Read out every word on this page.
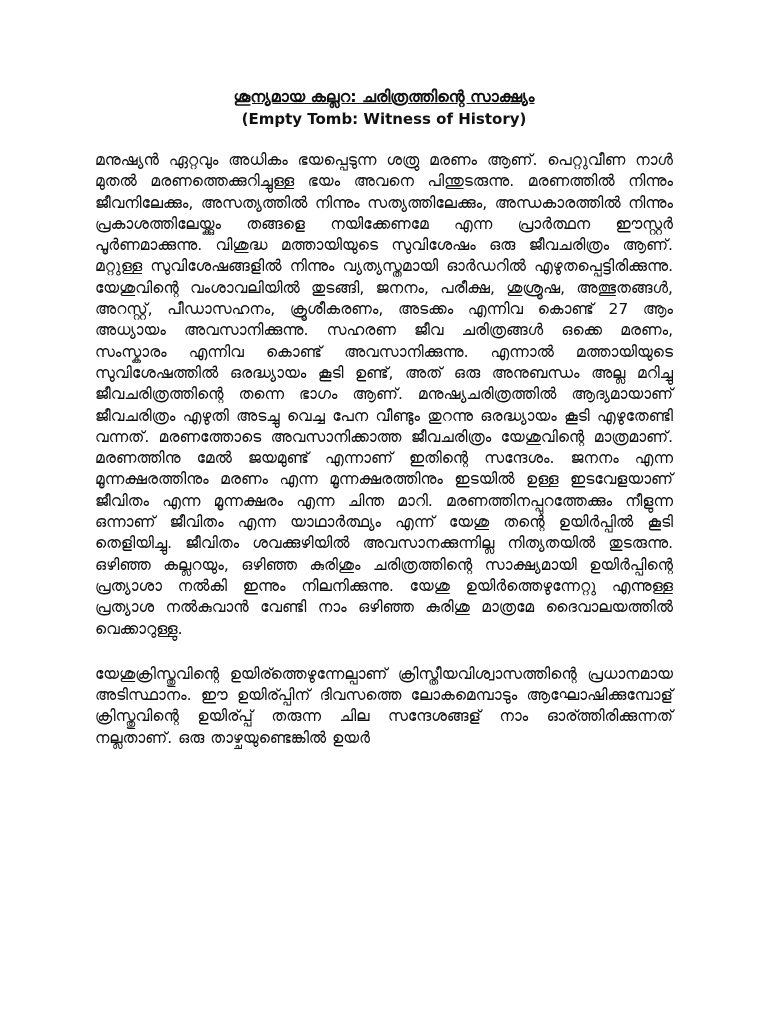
ശൂന്യമായ കല്ലറ: ചരിത്രത്തിന്റെ സാക്ഷ്യം

(Empty Tomb: Witness of History)

മനുഷ്യൻ ഏറ്റവും അധികം ഭയപ്പെടുന്ന ശത്രു മരണം ആണ്. പെറ്റുവീണ നാൾ മുതൽ മരണത്തെക്കുറിച്ചുള്ള ഭയം അവനെ പിന്തുടരുന്നു. മരണത്തിൽ നിന്നും ജീവനിലേക്കും, അസത്യത്തിൽ നിന്നും സത്യത്തിലേക്കും, അന്ധകാരത്തിൽ നിന്നും പ്രകാശത്തിലേയ്ക്കും തങ്ങളെ നയിക്കേണമേ എന്ന പ്രാർത്ഥന ഈസ്റ്റർ പൂർണമാക്കുന്നു. വിശുദ്ധ മത്തായിയുടെ സുവിശേഷം ഒരു ജീവചരിത്രം ആണ്. മറ്റുള്ള സുവിശേഷങ്ങളിൽ നിന്നും വ്യത്യസ്തമായി ഓർഡറിൽ എഴുതപ്പെട്ടിരിക്കുന്നു. യേശുവിന്റെ വംശാവലിയിൽ തുടങ്ങി, ജനനം, പരീക്ഷ, ശുശ്രൂഷ, അത്ഭുതങ്ങൾ, അറസ്റ്റ്, പീഡാസഹനം, ക്രൂശീകരണം, അടക്കം എന്നിവ കൊണ്ട് 27 ആം അധ്യായം അവസാനിക്കുന്നു. സഹരണ ജീവ ചരിത്രങ്ങൾ ഒക്കെ മരണം, സംസ്കാരം എന്നിവ കൊണ്ട് അവസാനിക്കുന്നു. എന്നാൽ മത്തായിയുടെ സുവിശേഷത്തിൽ ഒരദ്ധ്യായം കൂടി ഉണ്ട്, അത് ഒരു അനുബന്ധം അല്ല മറിച്ചു ജീവചരിത്രത്തിന്റെ തന്നെ ഭാഗം ആണ്. മനുഷ്യചരിത്രത്തിൽ ആദ്യമായാണ് ജീവചരിത്രം എഴുതി അടച്ചു വെച്ച പേന വീണ്ടും തുറന്നു ഒരദ്ധ്യായം കൂടി എഴുതേണ്ടി വന്നത്. മരണത്തോടെ അവസാനിക്കാത്ത ജീവചരിത്രം യേശുവിന്റെ മാത്രമാണ്. മരണത്തിനു മേൽ ജയമുണ്ട് എന്നാണ് ഇതിന്റെ സന്ദേശം. ജനനം എന്ന മൂന്നക്ഷരത്തിനും മരണം എന്ന മൂന്നക്ഷരത്തിനും ഇടയിൽ ഉള്ള ഇടവേളയാണ് ജീവിതം എന്ന മൂന്നക്ഷരം എന്ന ചിന്ത മാറി. മരണത്തിനപ്പുറത്തേക്കും നീളുന്ന ഒന്നാണ് ജീവിതം എന്ന യാഥാർത്ഥ്യം എന്ന് യേശു തന്റെ ഉയിർപ്പിൽ കൂടി തെളിയിച്ചു. ജീവിതം ശവക്കുഴിയിൽ അവസാനക്കുന്നില്ല നിത്യതയിൽ തുടരുന്നു. ഒഴിഞ്ഞ കല്ലറയും, ഒഴിഞ്ഞ കുരിശും ചരിത്രത്തിന്റെ സാക്ഷ്യമായി ഉയിർപ്പിന്റെ പ്രത്യാശാ നൽകി ഇന്നും നിലനിക്കുന്നു. യേശു ഉയിർത്തെഴുന്നേറ്റു എന്നുള്ള പ്രത്യാശ നൽകുവാൻ വേണ്ടി നാം ഒഴിഞ്ഞ കുരിശു മാത്രമേ ദൈവാലയത്തിൽ വെക്കാറുള്ളു.

യേശുക്രിസ്തുവിന്റെ ഉയിര്ത്തെഴുന്നേല്പാണ് ക്രിസ്തീയവിശ്വാസത്തിന്റെ പ്രധാനമായ അടിസ്ഥാനം. ഈ ഉയിര്പ്പിന് ദിവസത്തെ ലോകമെമ്പാടും ആഘോഷിക്കുമ്പോള് ക്രിസ്തുവിന്റെ ഉയിര്പ്പ് തരുന്ന ചില സന്ദേശങ്ങള് നാം ഓര്ത്തിരിക്കുന്നത് നല്ലതാണ്. ഒരു താഴ്ചയുണ്ടെങ്കിൽ ഉയർ
